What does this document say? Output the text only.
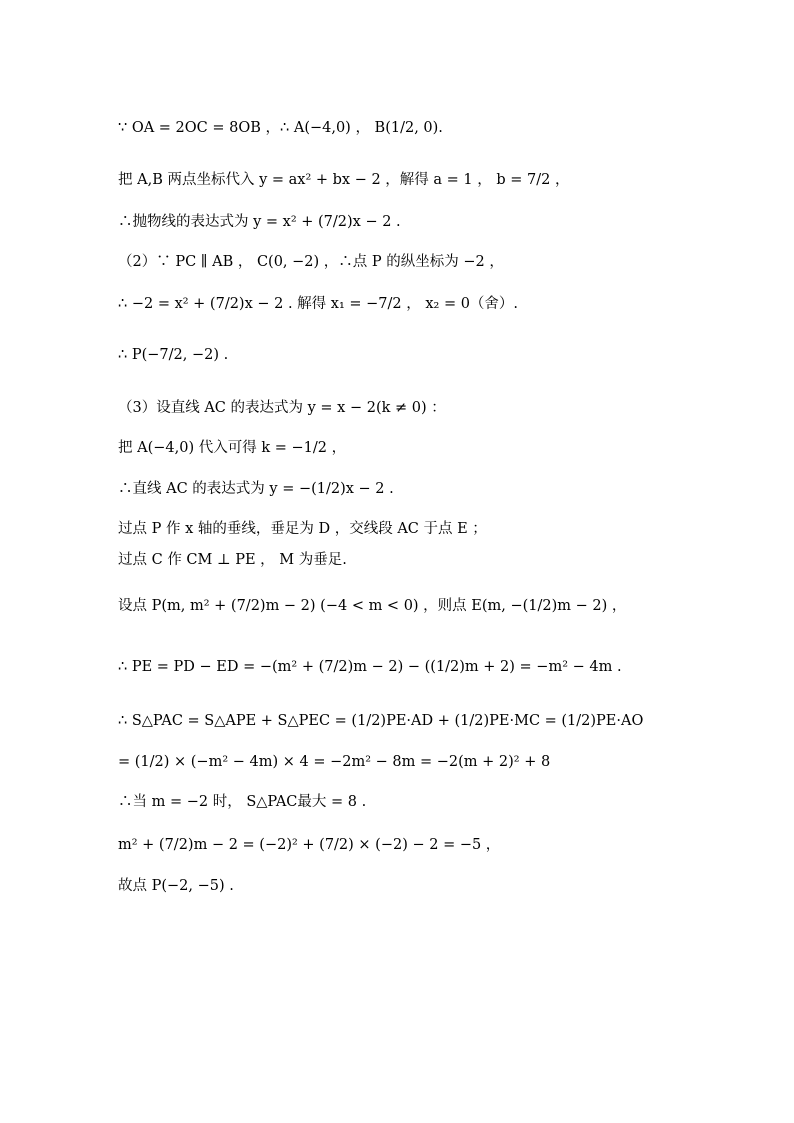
∵ OA = 2OC = 8OB ，∴ A(−4,0) ， B(1/2, 0).
把 A,B 两点坐标代入 y = ax² + bx − 2 ，解得 a = 1 ， b = 7/2 ，
∴抛物线的表达式为 y = x² + (7/2)x − 2 .
（2）∵ PC ∥ AB ， C(0, −2) ，∴点 P 的纵坐标为 −2 ，
∴ −2 = x² + (7/2)x − 2 . 解得 x₁ = −7/2 ， x₂ = 0（舍）.
∴ P(−7/2, −2) .
（3）设直线 AC 的表达式为 y = x − 2(k ≠ 0) ：
把 A(−4,0) 代入可得 k = −1/2 ，
∴直线 AC 的表达式为 y = −(1/2)x − 2 .
过点 P 作 x 轴的垂线，垂足为 D ，交线段 AC 于点 E ；
过点 C 作 CM ⊥ PE ， M 为垂足.
设点 P(m, m² + (7/2)m − 2) (−4 < m < 0) ，则点 E(m, −(1/2)m − 2) ，
∴ PE = PD − ED = −(m² + (7/2)m − 2) − ((1/2)m + 2) = −m² − 4m .
∴ S△PAC = S△APE + S△PEC = (1/2)PE·AD + (1/2)PE·MC = (1/2)PE·AO
= (1/2) × (−m² − 4m) × 4 = −2m² − 8m = −2(m + 2)² + 8
∴当 m = −2 时， S△PAC最大 = 8 .
m² + (7/2)m − 2 = (−2)² + (7/2) × (−2) − 2 = −5 ，
故点 P(−2, −5) .
